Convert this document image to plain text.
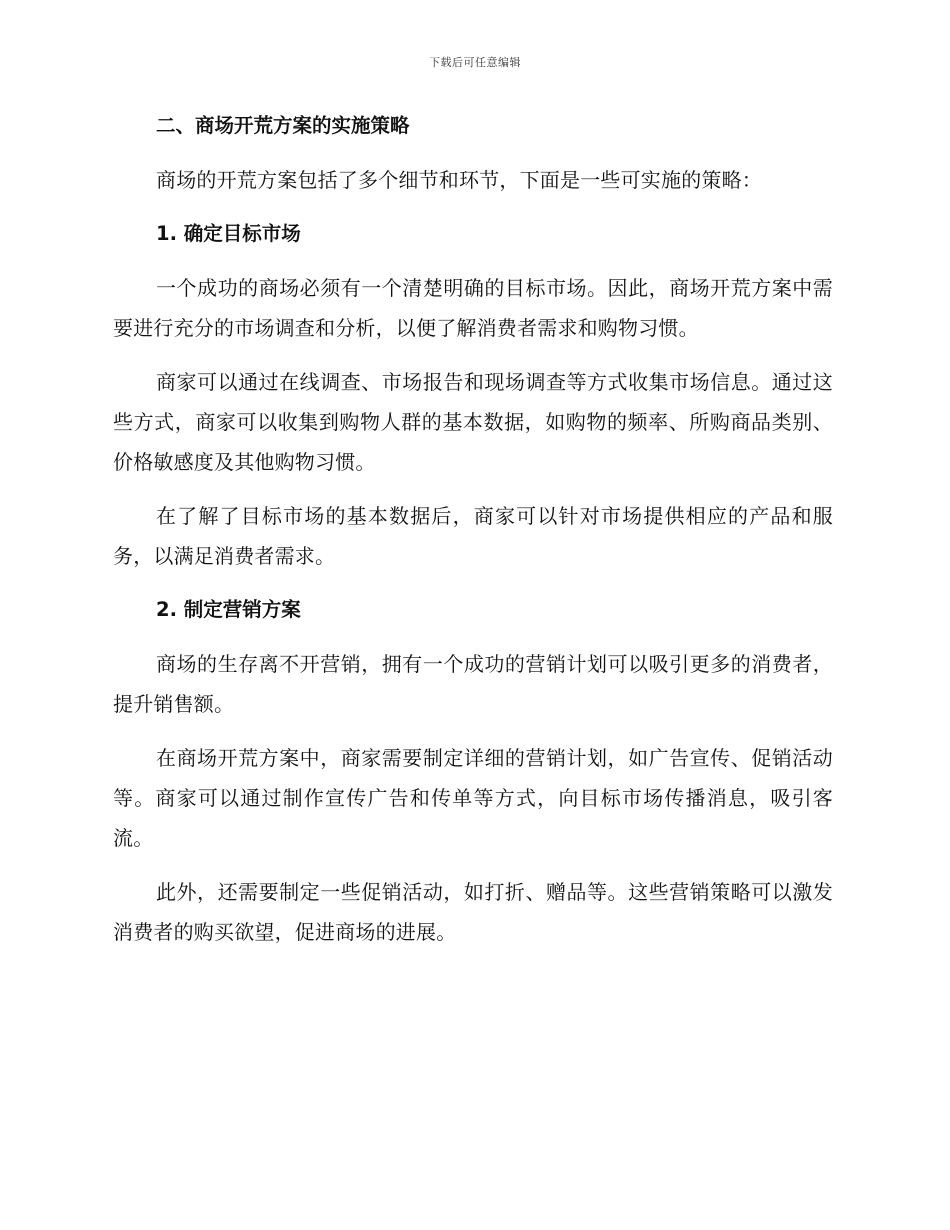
下载后可任意编辑

二、商场开荒方案的实施策略

商场的开荒方案包括了多个细节和环节，下面是一些可实施的策略：

1. 确定目标市场

一个成功的商场必须有一个清楚明确的目标市场。因此，商场开荒方案中需要进行充分的市场调查和分析，以便了解消费者需求和购物习惯。

商家可以通过在线调查、市场报告和现场调查等方式收集市场信息。通过这些方式，商家可以收集到购物人群的基本数据，如购物的频率、所购商品类别、价格敏感度及其他购物习惯。

在了解了目标市场的基本数据后，商家可以针对市场提供相应的产品和服务，以满足消费者需求。

2. 制定营销方案

商场的生存离不开营销，拥有一个成功的营销计划可以吸引更多的消费者，提升销售额。

在商场开荒方案中，商家需要制定详细的营销计划，如广告宣传、促销活动等。商家可以通过制作宣传广告和传单等方式，向目标市场传播消息，吸引客流。

此外，还需要制定一些促销活动，如打折、赠品等。这些营销策略可以激发消费者的购买欲望，促进商场的进展。
